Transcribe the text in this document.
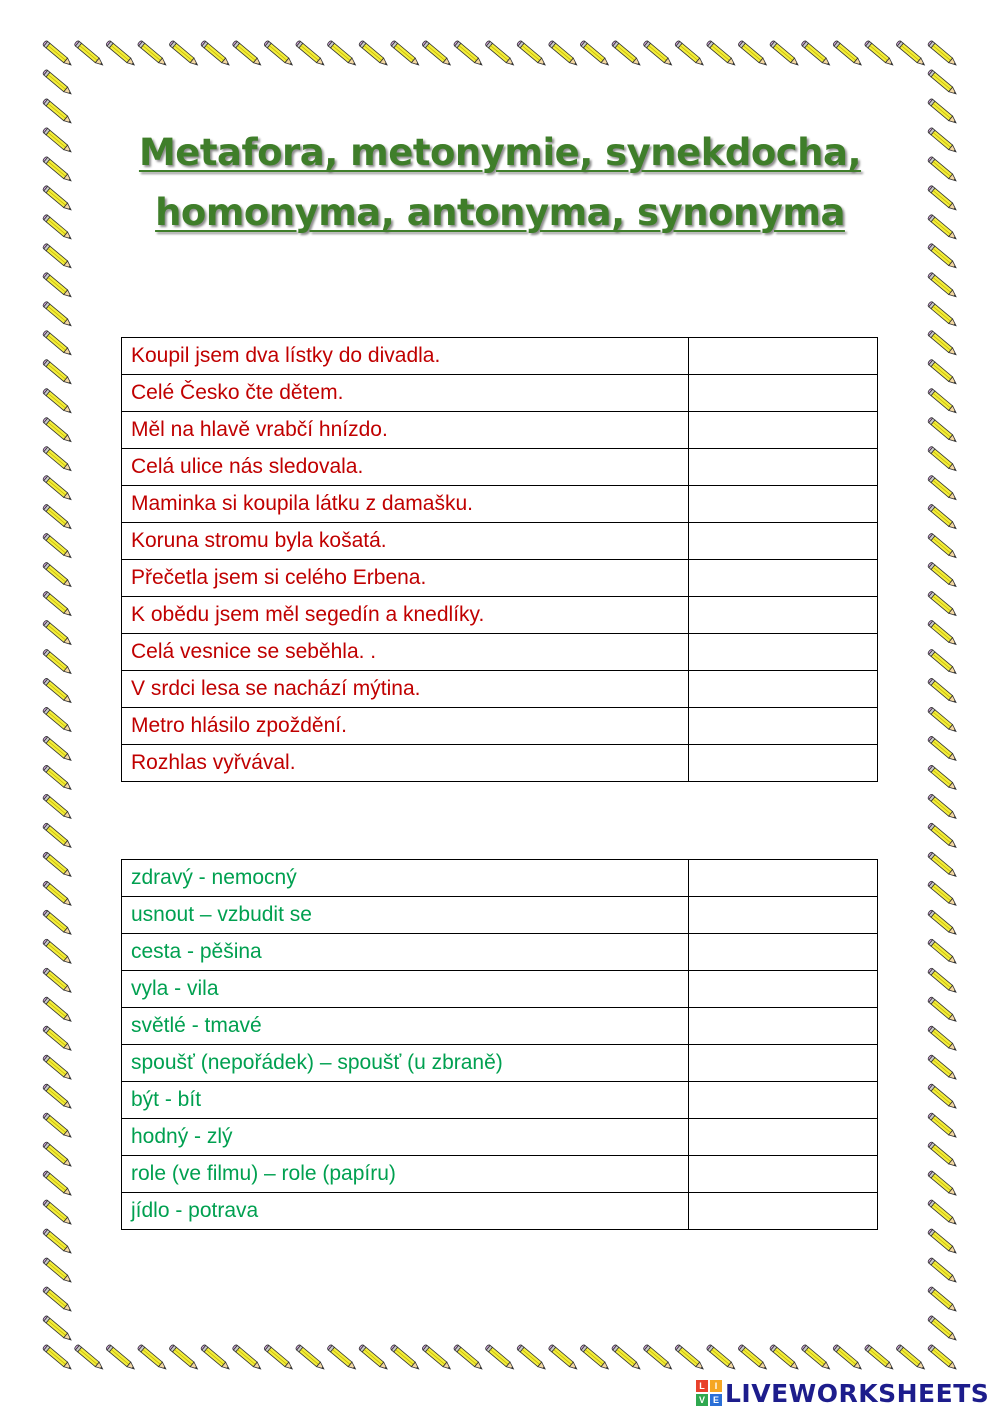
Metafora, metonymie, synekdocha,
homonyma, antonyma, synonyma
Koupil jsem dva lístky do divadla.	
Celé Česko čte dětem.	
Měl na hlavě vrabčí hnízdo.	
Celá ulice nás sledovala.	
Maminka si koupila látku z damašku.	
Koruna stromu byla košatá.	
Přečetla jsem si celého Erbena.	
K obědu jsem měl segedín a knedlíky.	
Celá vesnice se seběhla. .	
V srdci lesa se nachází mýtina.	
Metro hlásilo zpoždění.	
Rozhlas vyřvával.	
zdravý - nemocný	
usnout – vzbudit se	
cesta - pěšina	
vyla - vila	
světlé - tmavé	
spoušť (nepořádek) – spoušť (u zbraně)	
být - bít	
hodný - zlý	
role (ve filmu) – role (papíru)	
jídlo - potrava	
L	I
V E LIVEWORKSHEETS
